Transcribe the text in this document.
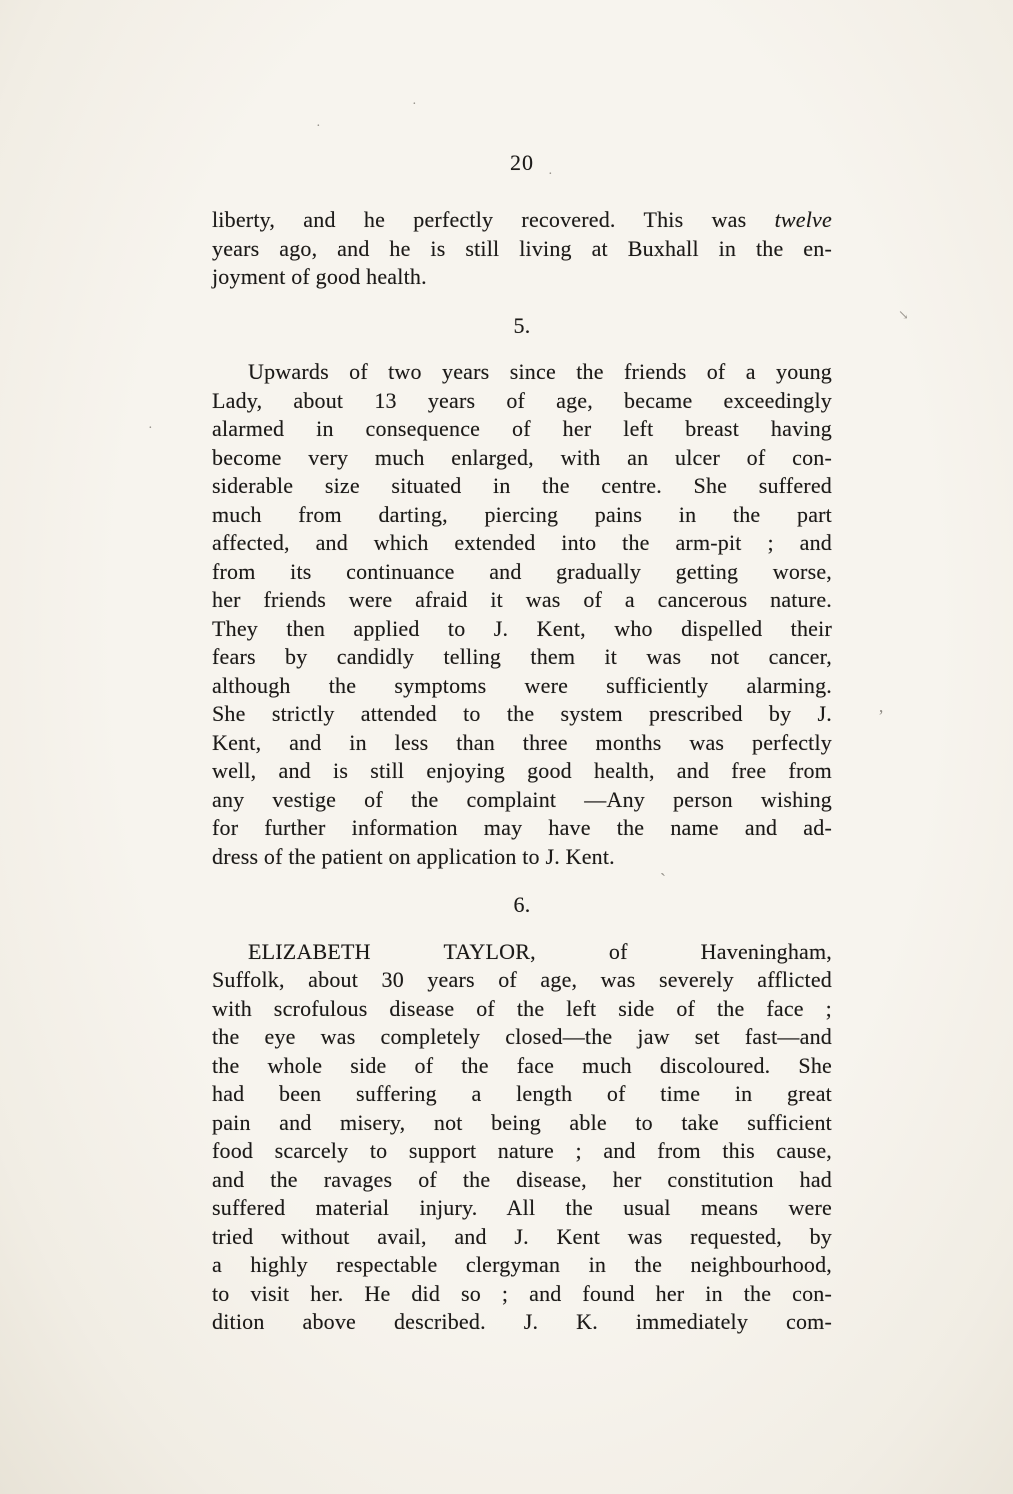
20
liberty, and he perfectly recovered. This was twelve
years ago, and he is still living at Buxhall in the en-
joyment of good health.
5.
Upwards of two years since the friends of a young
Lady, about 13 years of age, became exceedingly
alarmed in consequence of her left breast having
become very much enlarged, with an ulcer of con-
siderable size situated in the centre. She suffered
much from darting, piercing pains in the part
affected, and which extended into the arm-pit ; and
from its continuance and gradually getting worse,
her friends were afraid it was of a cancerous nature.
They then applied to J. Kent, who dispelled their
fears by candidly telling them it was not cancer,
although the symptoms were sufficiently alarming.
She strictly attended to the system prescribed by J.
Kent, and in less than three months was perfectly
well, and is still enjoying good health, and free from
any vestige of the complaint —Any person wishing
for further information may have the name and ad-
dress of the patient on application to J. Kent.
6.
ELIZABETH TAYLOR, of Haveningham,
Suffolk, about 30 years of age, was severely afflicted
with scrofulous disease of the left side of the face ;
the eye was completely closed—the jaw set fast—and
the whole side of the face much discoloured. She
had been suffering a length of time in great
pain and misery, not being able to take sufficient
food scarcely to support nature ; and from this cause,
and the ravages of the disease, her constitution had
suffered material injury. All the usual means were
tried without avail, and J. Kent was requested, by
a highly respectable clergyman in the neighbourhood,
to visit her. He did so ; and found her in the con-
dition above described. J. K. immediately com-
↘
’
ˏ
·
·
·
·
